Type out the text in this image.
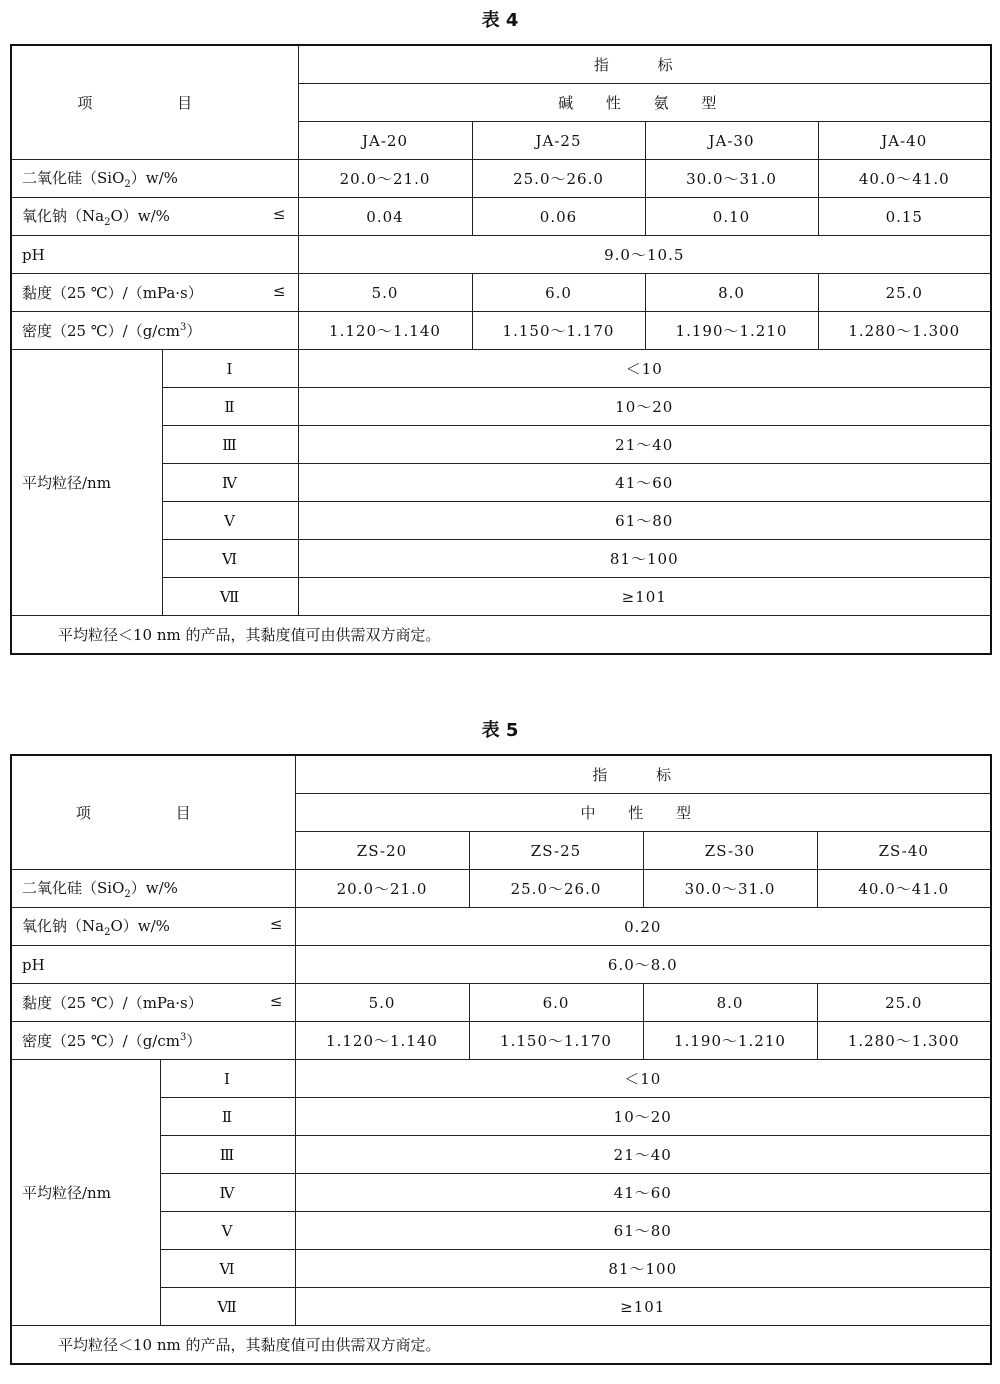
表 4
项 目		指 标			
		碱 性 氨 型			
		JA-20	JA-25	JA-30	JA-40
二氧化硅（SiO$_2$）w/%		20.0～21.0	25.0～26.0	30.0～31.0	40.0～41.0
氧化钠$(Na_2O)w/\%$ ≤		0.04	0.06	0.10	0.15
pH		9.0～10.5			
黏度（25 ℃）/（mPa·s） ≤		5.0	6.0	8.0	25.0
密度（25 $℃)/(g/cm^3)$		1.120～1.140	1.150～1.170	1.190～1.210	1.280～1.300
平均粒径/nm	Ⅰ	＜10			
	Ⅱ	10～20			
	Ⅲ	21～40			
	Ⅳ	41～60			
	Ⅴ	61～80			
	Ⅵ	81～100			
	Ⅶ	≥101			
平均粒径＜10 nm 的产品，其黏度值可由供需双方商定。					
表 5
项 目		指 标			
		中 性 型			
		ZS-20	ZS-25	ZS-30	ZS-40
二氧化硅（SiO$_2$）w/%		20.0～21.0	25.0～26.0	30.0～31.0	40.0～41.0
氧化钠$(Na_2O)w/\%$ ≤		0.20			
pH		6.0～8.0			
黏度（25 ℃）/（mPa·s） ≤		5.0	6.0	8.0	25.0
密度（25 $℃)/(g/cm^3)$		1.120～1.140	1.150～1.170	1.190～1.210	1.280～1.300
平均粒径/nm	Ⅰ	＜10			
	Ⅱ	10～20			
	Ⅲ	21～40			
	Ⅳ	41～60			
	Ⅴ	61～80			
	Ⅵ	81～100			
	Ⅶ	≥101			
平均粒径＜10 nm 的产品，其黏度值可由供需双方商定。					
